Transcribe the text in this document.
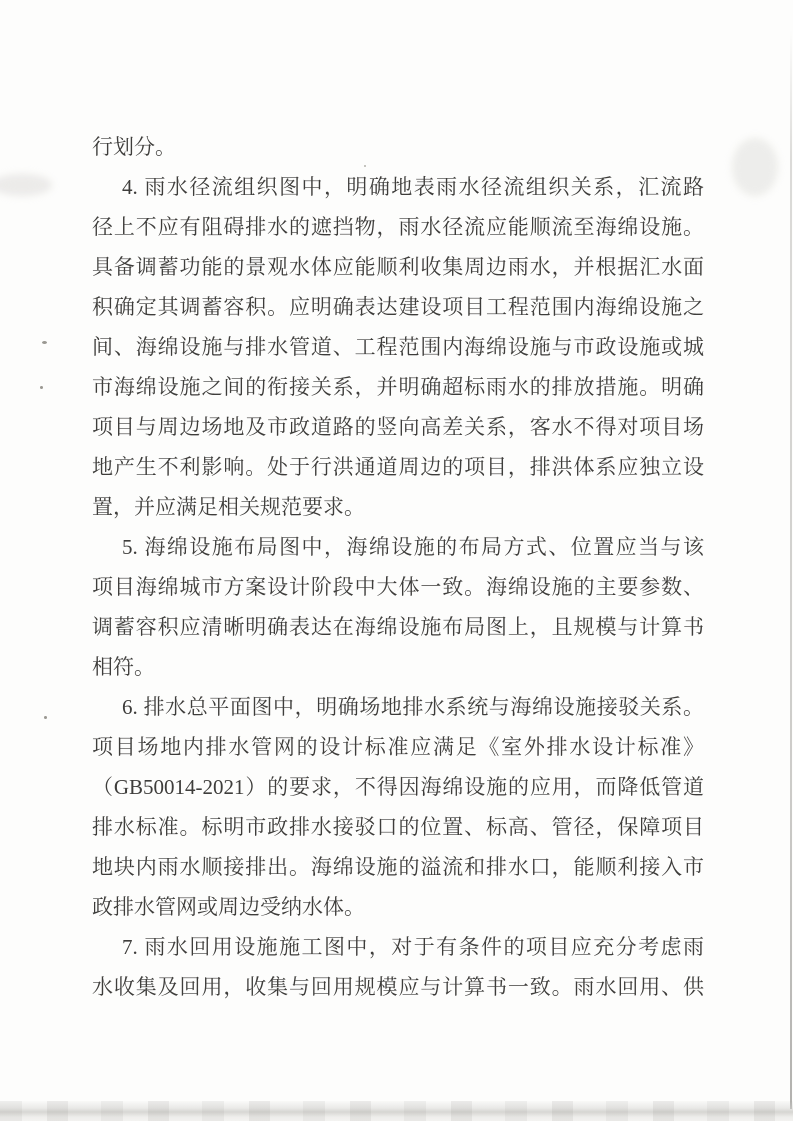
行划分。
4. 雨水径流组织图中，明确地表雨水径流组织关系，汇流路
径上不应有阻碍排水的遮挡物，雨水径流应能顺流至海绵设施。
具备调蓄功能的景观水体应能顺利收集周边雨水，并根据汇水面
积确定其调蓄容积。应明确表达建设项目工程范围内海绵设施之
间、海绵设施与排水管道、工程范围内海绵设施与市政设施或城
市海绵设施之间的衔接关系，并明确超标雨水的排放措施。明确
项目与周边场地及市政道路的竖向高差关系，客水不得对项目场
地产生不利影响。处于行洪通道周边的项目，排洪体系应独立设
置，并应满足相关规范要求。
5. 海绵设施布局图中，海绵设施的布局方式、位置应当与该
项目海绵城市方案设计阶段中大体一致。海绵设施的主要参数、
调蓄容积应清晰明确表达在海绵设施布局图上，且规模与计算书
相符。
6. 排水总平面图中，明确场地排水系统与海绵设施接驳关系。
项目场地内排水管网的设计标准应满足《室外排水设计标准》
（GB50014-2021）的要求，不得因海绵设施的应用，而降低管道
排水标准。标明市政排水接驳口的位置、标高、管径，保障项目
地块内雨水顺接排出。海绵设施的溢流和排水口，能顺利接入市
政排水管网或周边受纳水体。
7. 雨水回用设施施工图中，对于有条件的项目应充分考虑雨
水收集及回用，收集与回用规模应与计算书一致。雨水回用、供
